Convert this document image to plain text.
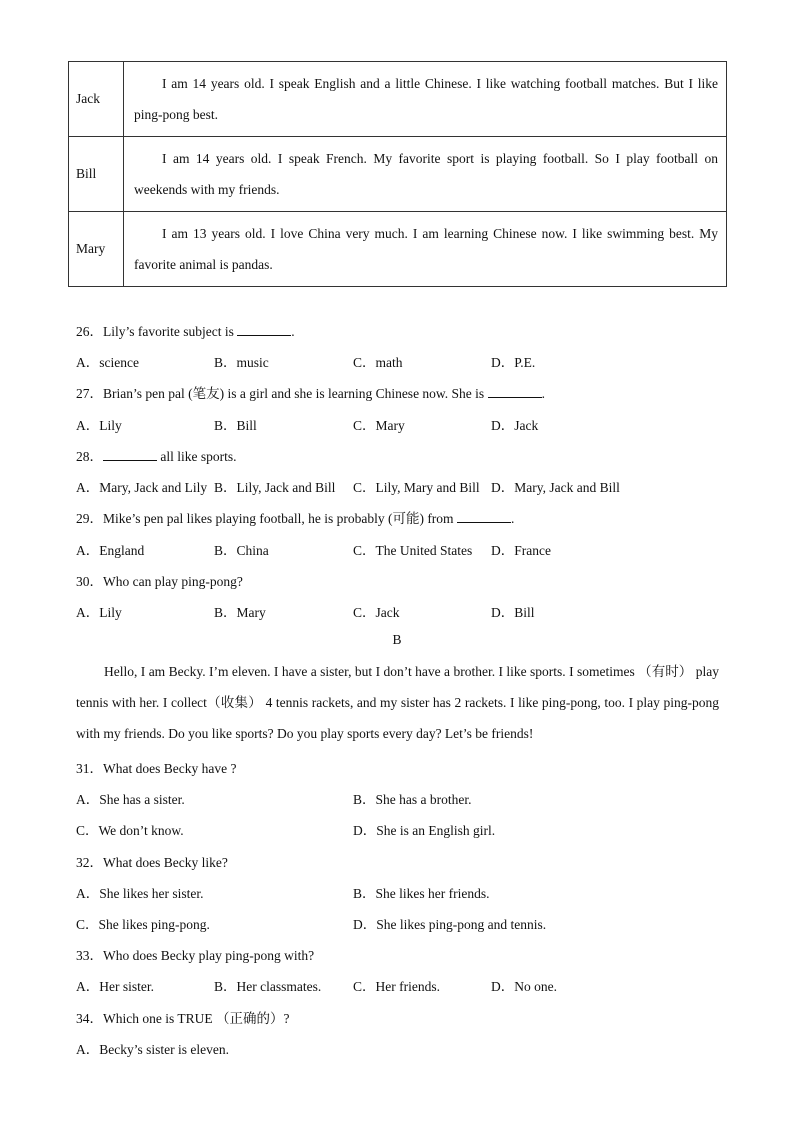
Jack	I am 14 years old. I speak English and a little Chinese. I like watching football matches. But I like ping-pong best.

Bill	I am 14 years old. I speak French. My favorite sport is playing football. So I play football on weekends with my friends.

Mary	I am 13 years old. I love China very much. I am learning Chinese now. I like swimming best. My favorite animal is pandas.
26．Lily’s favorite subject is	.
A．science	B．music	C．math	D．P.E.
27．Brian’s pen pal (笔友) is a girl and she is learning Chinese now. She is	.
A．Lily	B．Bill	C．Mary	D．Jack
28．	all like sports.
A．Mary, Jack and Lily B．Lily, Jack and Bill C．Lily, Mary and Bill D．Mary, Jack and Bill
29．Mike’s pen pal likes playing football, he is probably (可能) from	.
A．England	B．China	C．The United States D．France
30．Who can play ping-pong?
A．Lily	B．Mary	C．Jack	D．Bill
B
Hello, I am Becky. I’m eleven. I have a sister, but I don’t have a brother. I like sports. I sometimes （有时） play tennis with her. I collect（收集） 4 tennis rackets, and my sister has 2 rackets. I like ping-pong, too. I play ping-pong with my friends. Do you like sports? Do you play sports every day? Let’s be friends!
31．What does Becky have ?
A．She has a sister.	B．She has a brother.
C．We don’t know.	D．She is an English girl.
32．What does Becky like?
A．She likes her sister.	B．She likes her friends.
C．She likes ping-pong.	D．She likes ping-pong and tennis.
33．Who does Becky play ping-pong with?
A．Her sister.	B．Her classmates. C．Her friends.	D．No one.
34．Which one is TRUE （正确的）?
A．Becky’s sister is eleven.
